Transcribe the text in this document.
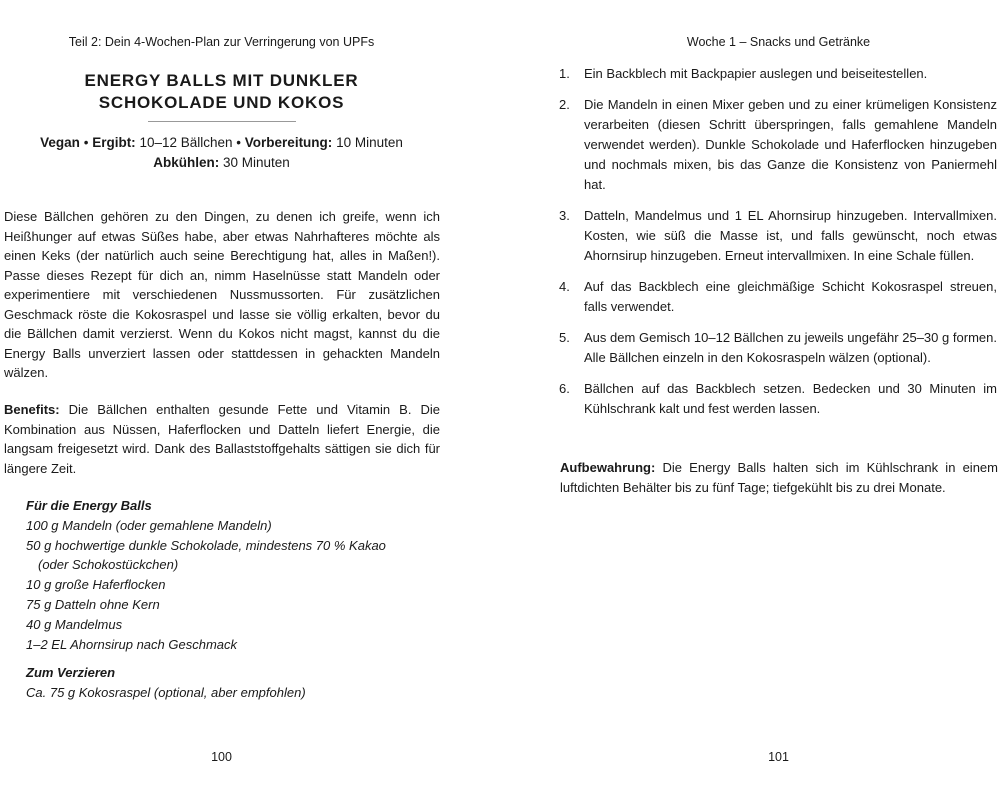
Teil 2: Dein 4-Wochen-Plan zur Verringerung von UPFs
ENERGY BALLS MIT DUNKLER
SCHOKOLADE UND KOKOS
Vegan • Ergibt: 10–12 Bällchen • Vorbereitung: 10 Minuten
Abkühlen: 30 Minuten
Diese Bällchen gehören zu den Dingen, zu denen ich greife, wenn ich Heißhunger auf etwas Süßes habe, aber etwas Nahrhafteres möchte als einen Keks (der natürlich auch seine Berechtigung hat, alles in Maßen!). Passe dieses Rezept für dich an, nimm Haselnüsse statt Mandeln oder experimentiere mit verschiedenen Nussmussorten. Für zusätzlichen Geschmack röste die Kokosraspel und lasse sie völlig erkalten, bevor du die Bällchen damit verzierst. Wenn du Kokos nicht magst, kannst du die Energy Balls unverziert lassen oder stattdessen in gehackten Mandeln wälzen.
Benefits: Die Bällchen enthalten gesunde Fette und Vitamin B. Die Kombination aus Nüssen, Haferflocken und Datteln liefert Energie, die langsam freigesetzt wird. Dank des Ballaststoffgehalts sättigen sie dich für längere Zeit.
Für die Energy Balls
100 g Mandeln (oder gemahlene Mandeln)
50 g hochwertige dunkle Schokolade, mindestens 70 % Kakao
(oder Schokostückchen)
10 g große Haferflocken
75 g Datteln ohne Kern
40 g Mandelmus
1–2 EL Ahornsirup nach Geschmack
Zum Verzieren
Ca. 75 g Kokosraspel (optional, aber empfohlen)
100
Woche 1 – Snacks und Getränke
1. Ein Backblech mit Backpapier auslegen und beiseitestellen.
2. Die Mandeln in einen Mixer geben und zu einer krümeligen Konsistenz verarbeiten (diesen Schritt überspringen, falls gemahlene Mandeln verwendet werden). Dunkle Schokolade und Haferflocken hinzugeben und nochmals mixen, bis das Ganze die Konsistenz von Paniermehl hat.
3. Datteln, Mandelmus und 1 EL Ahornsirup hinzugeben. Intervallmixen. Kosten, wie süß die Masse ist, und falls gewünscht, noch etwas Ahornsirup hinzugeben. Erneut intervallmixen. In eine Schale füllen.
4. Auf das Backblech eine gleichmäßige Schicht Kokosraspel streuen, falls verwendet.
5. Aus dem Gemisch 10–12 Bällchen zu jeweils ungefähr 25–30 g formen. Alle Bällchen einzeln in den Kokosraspeln wälzen (optional).
6. Bällchen auf das Backblech setzen. Bedecken und 30 Minuten im Kühlschrank kalt und fest werden lassen.
Aufbewahrung: Die Energy Balls halten sich im Kühlschrank in einem luftdichten Behälter bis zu fünf Tage; tiefgekühlt bis zu drei Monate.
101
